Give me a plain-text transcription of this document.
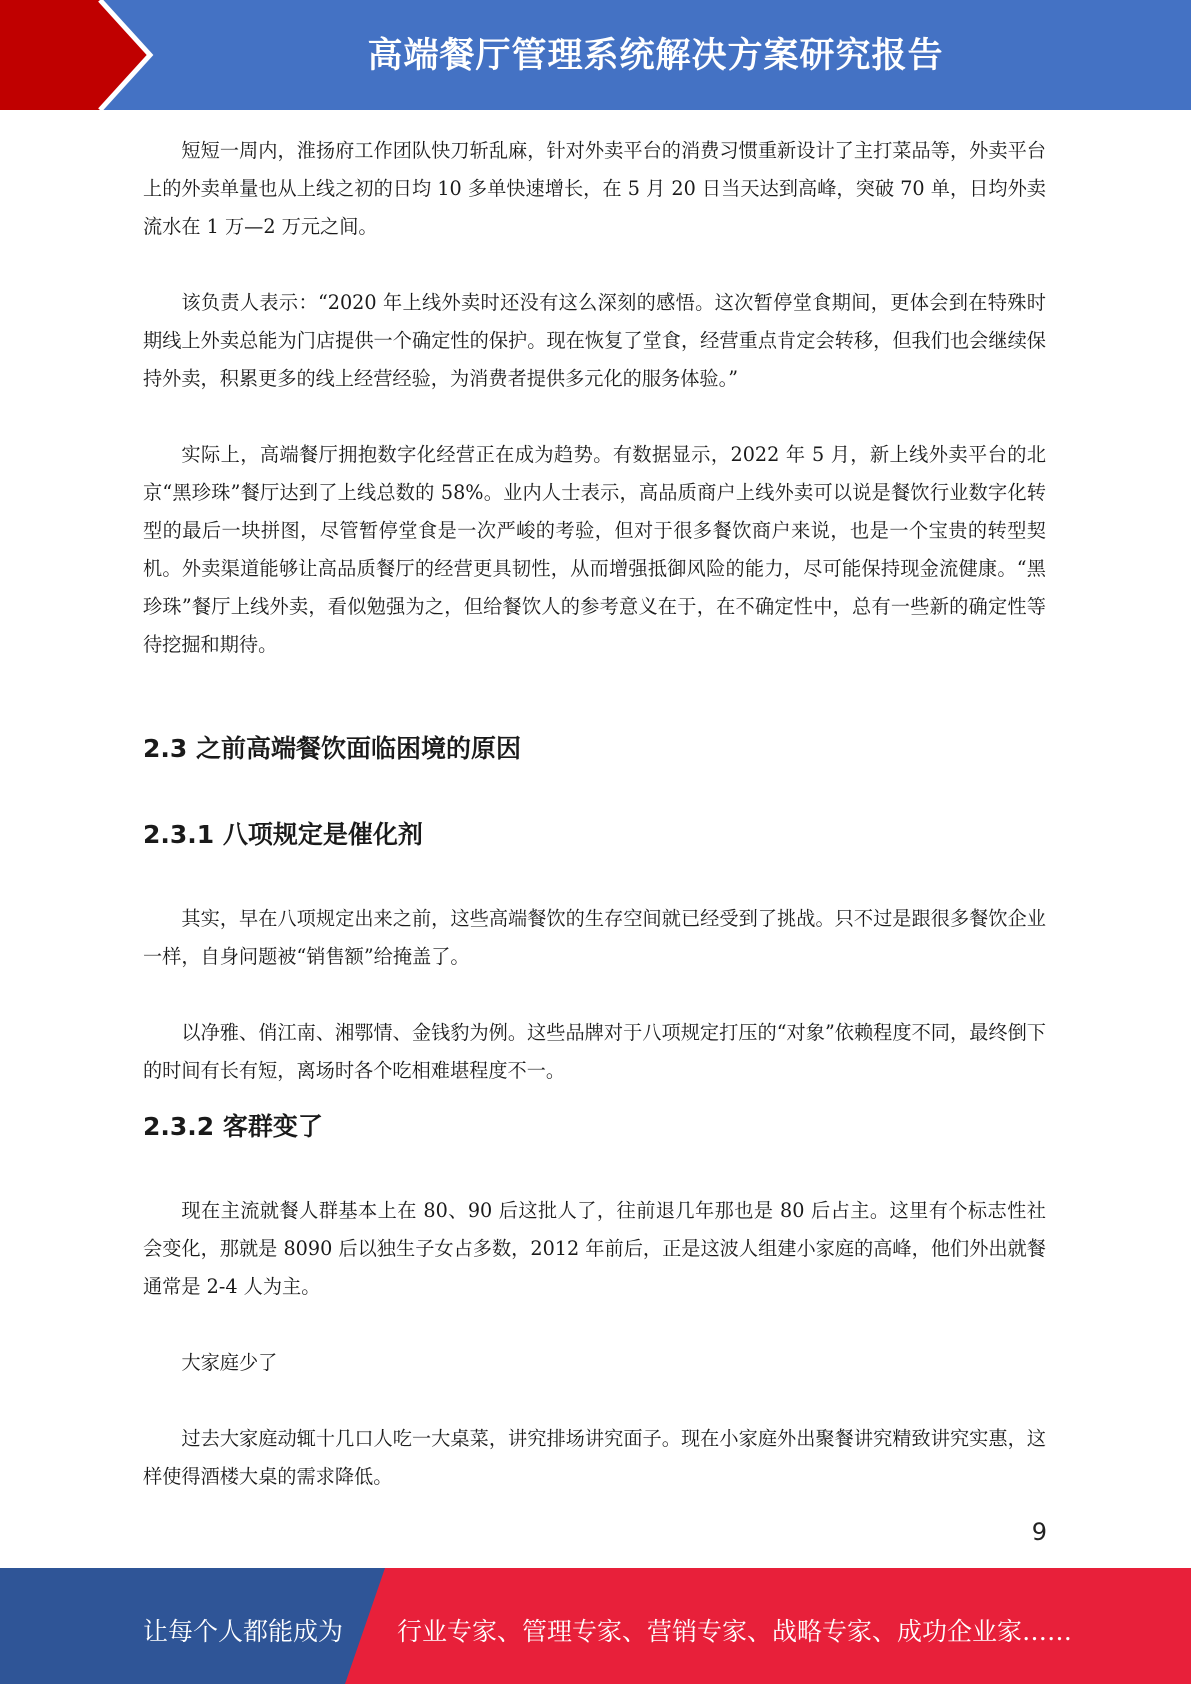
高端餐厅管理系统解决方案研究报告

短短一周内，淮扬府工作团队快刀斩乱麻，针对外卖平台的消费习惯重新设计了主打菜品等，外卖平台上的外卖单量也从上线之初的日均 10 多单快速增长，在 5 月 20 日当天达到高峰，突破 70 单，日均外卖流水在 1 万—2 万元之间。

该负责人表示：“2020 年上线外卖时还没有这么深刻的感悟。这次暂停堂食期间，更体会到在特殊时期线上外卖总能为门店提供一个确定性的保护。现在恢复了堂食，经营重点肯定会转移，但我们也会继续保持外卖，积累更多的线上经营经验，为消费者提供多元化的服务体验。”

实际上，高端餐厅拥抱数字化经营正在成为趋势。有数据显示，2022 年 5 月，新上线外卖平台的北京“黑珍珠”餐厅达到了上线总数的 58%。业内人士表示，高品质商户上线外卖可以说是餐饮行业数字化转型的最后一块拼图，尽管暂停堂食是一次严峻的考验，但对于很多餐饮商户来说，也是一个宝贵的转型契机。外卖渠道能够让高品质餐厅的经营更具韧性，从而增强抵御风险的能力，尽可能保持现金流健康。“黑珍珠”餐厅上线外卖，看似勉强为之，但给餐饮人的参考意义在于，在不确定性中，总有一些新的确定性等待挖掘和期待。

2.3 之前高端餐饮面临困境的原因
2.3.1 八项规定是催化剂

其实，早在八项规定出来之前，这些高端餐饮的生存空间就已经受到了挑战。只不过是跟很多餐饮企业一样，自身问题被“销售额”给掩盖了。

以净雅、俏江南、湘鄂情、金钱豹为例。这些品牌对于八项规定打压的“对象”依赖程度不同，最终倒下的时间有长有短，离场时各个吃相难堪程度不一。

2.3.2 客群变了

现在主流就餐人群基本上在 80、90 后这批人了，往前退几年那也是 80 后占主。这里有个标志性社会变化，那就是 8090 后以独生子女占多数，2012 年前后，正是这波人组建小家庭的高峰，他们外出就餐通常是 2-4 人为主。

大家庭少了

过去大家庭动辄十几口人吃一大桌菜，讲究排场讲究面子。现在小家庭外出聚餐讲究精致讲究实惠，这样使得酒楼大桌的需求降低。

9
让每个人都能成为 行业专家、管理专家、营销专家、战略专家、成功企业家……
